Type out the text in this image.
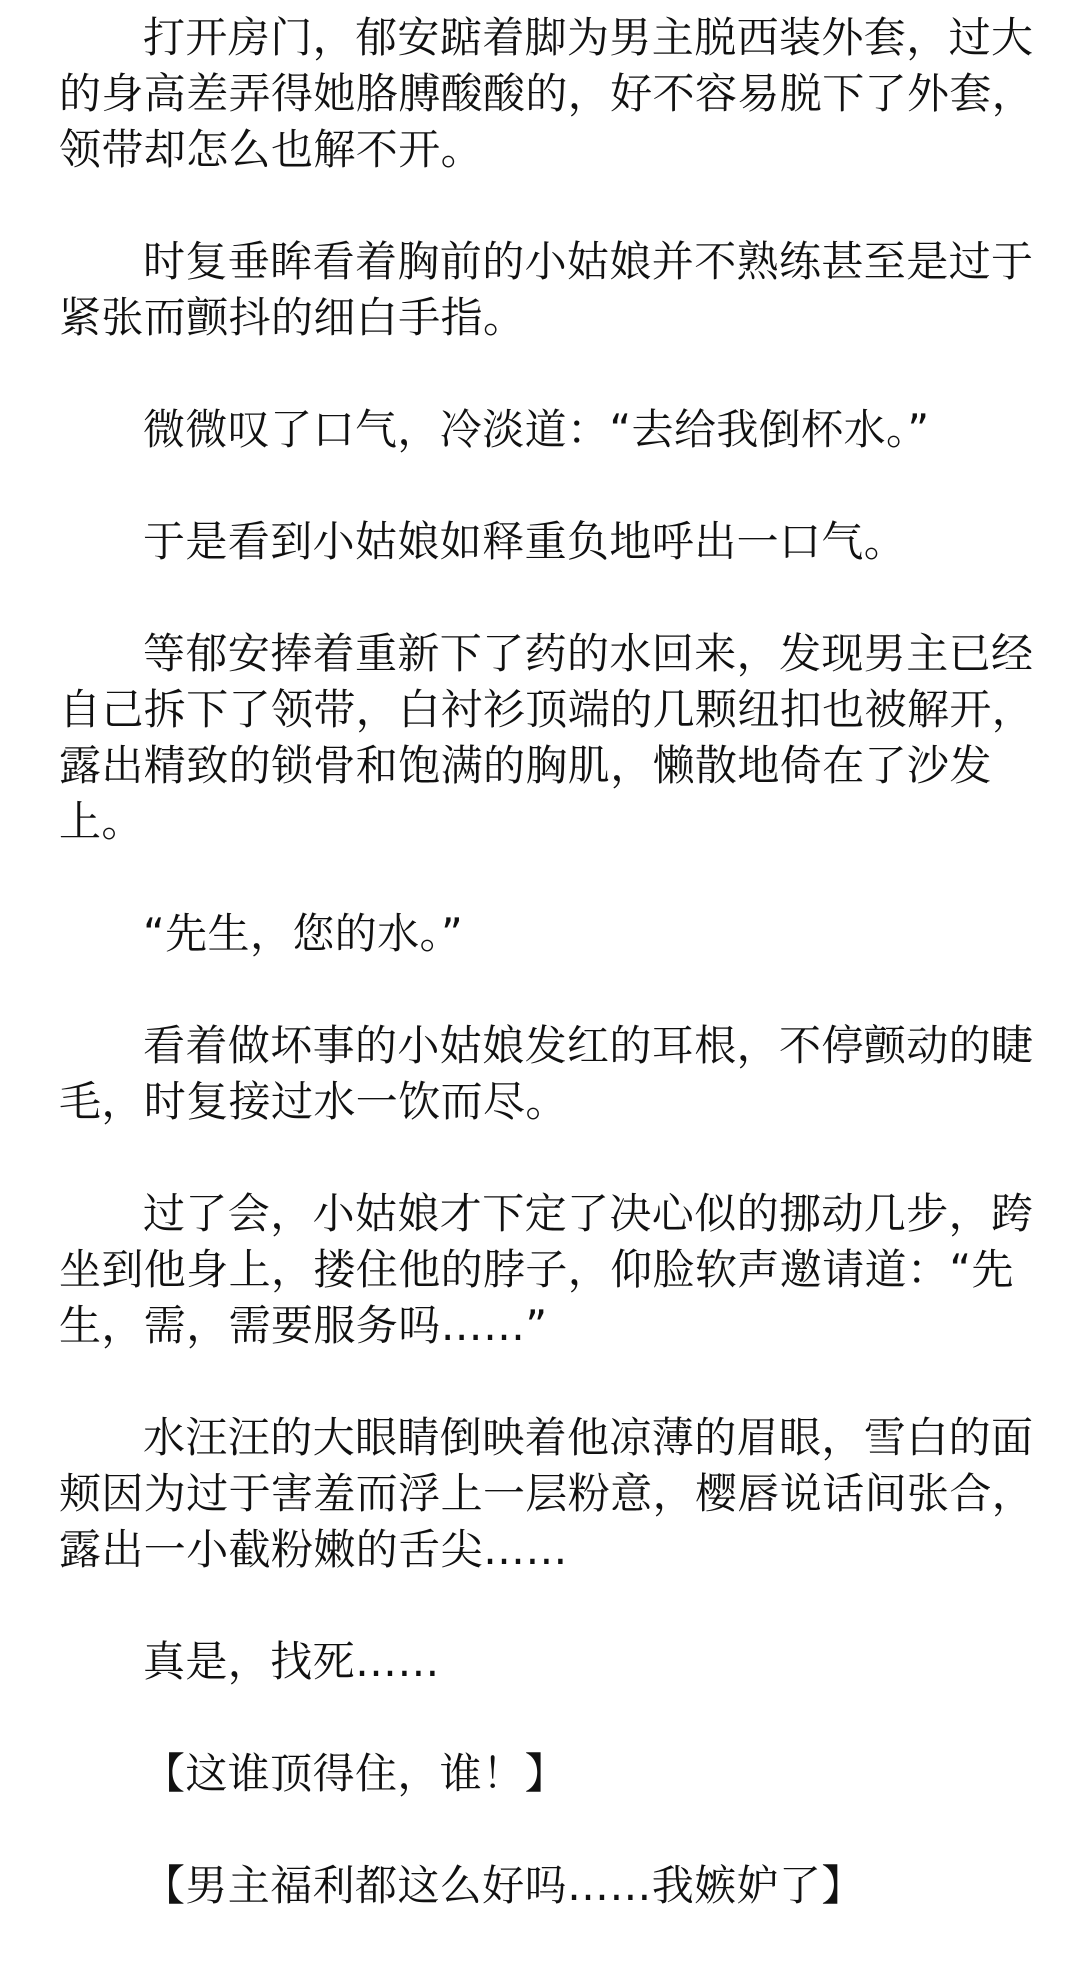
打开房门，郁安踮着脚为男主脱西装外套，过大的身高差弄得她胳膊酸酸的，好不容易脱下了外套，领带却怎么也解不开。

时复垂眸看着胸前的小姑娘并不熟练甚至是过于紧张而颤抖的细白手指。

微微叹了口气，冷淡道：“去给我倒杯水。”

于是看到小姑娘如释重负地呼出一口气。

等郁安捧着重新下了药的水回来，发现男主已经自己拆下了领带，白衬衫顶端的几颗纽扣也被解开，露出精致的锁骨和饱满的胸肌，懒散地倚在了沙发上。

“先生，您的水。”

看着做坏事的小姑娘发红的耳根，不停颤动的睫毛，时复接过水一饮而尽。

过了会，小姑娘才下定了决心似的挪动几步，跨坐到他身上，搂住他的脖子，仰脸软声邀请道：“先生，需，需要服务吗……”

水汪汪的大眼睛倒映着他凉薄的眉眼，雪白的面颊因为过于害羞而浮上一层粉意，樱唇说话间张合，露出一小截粉嫩的舌尖……

真是，找死……

【这谁顶得住，谁！】

【男主福利都这么好吗……我嫉妒了】
